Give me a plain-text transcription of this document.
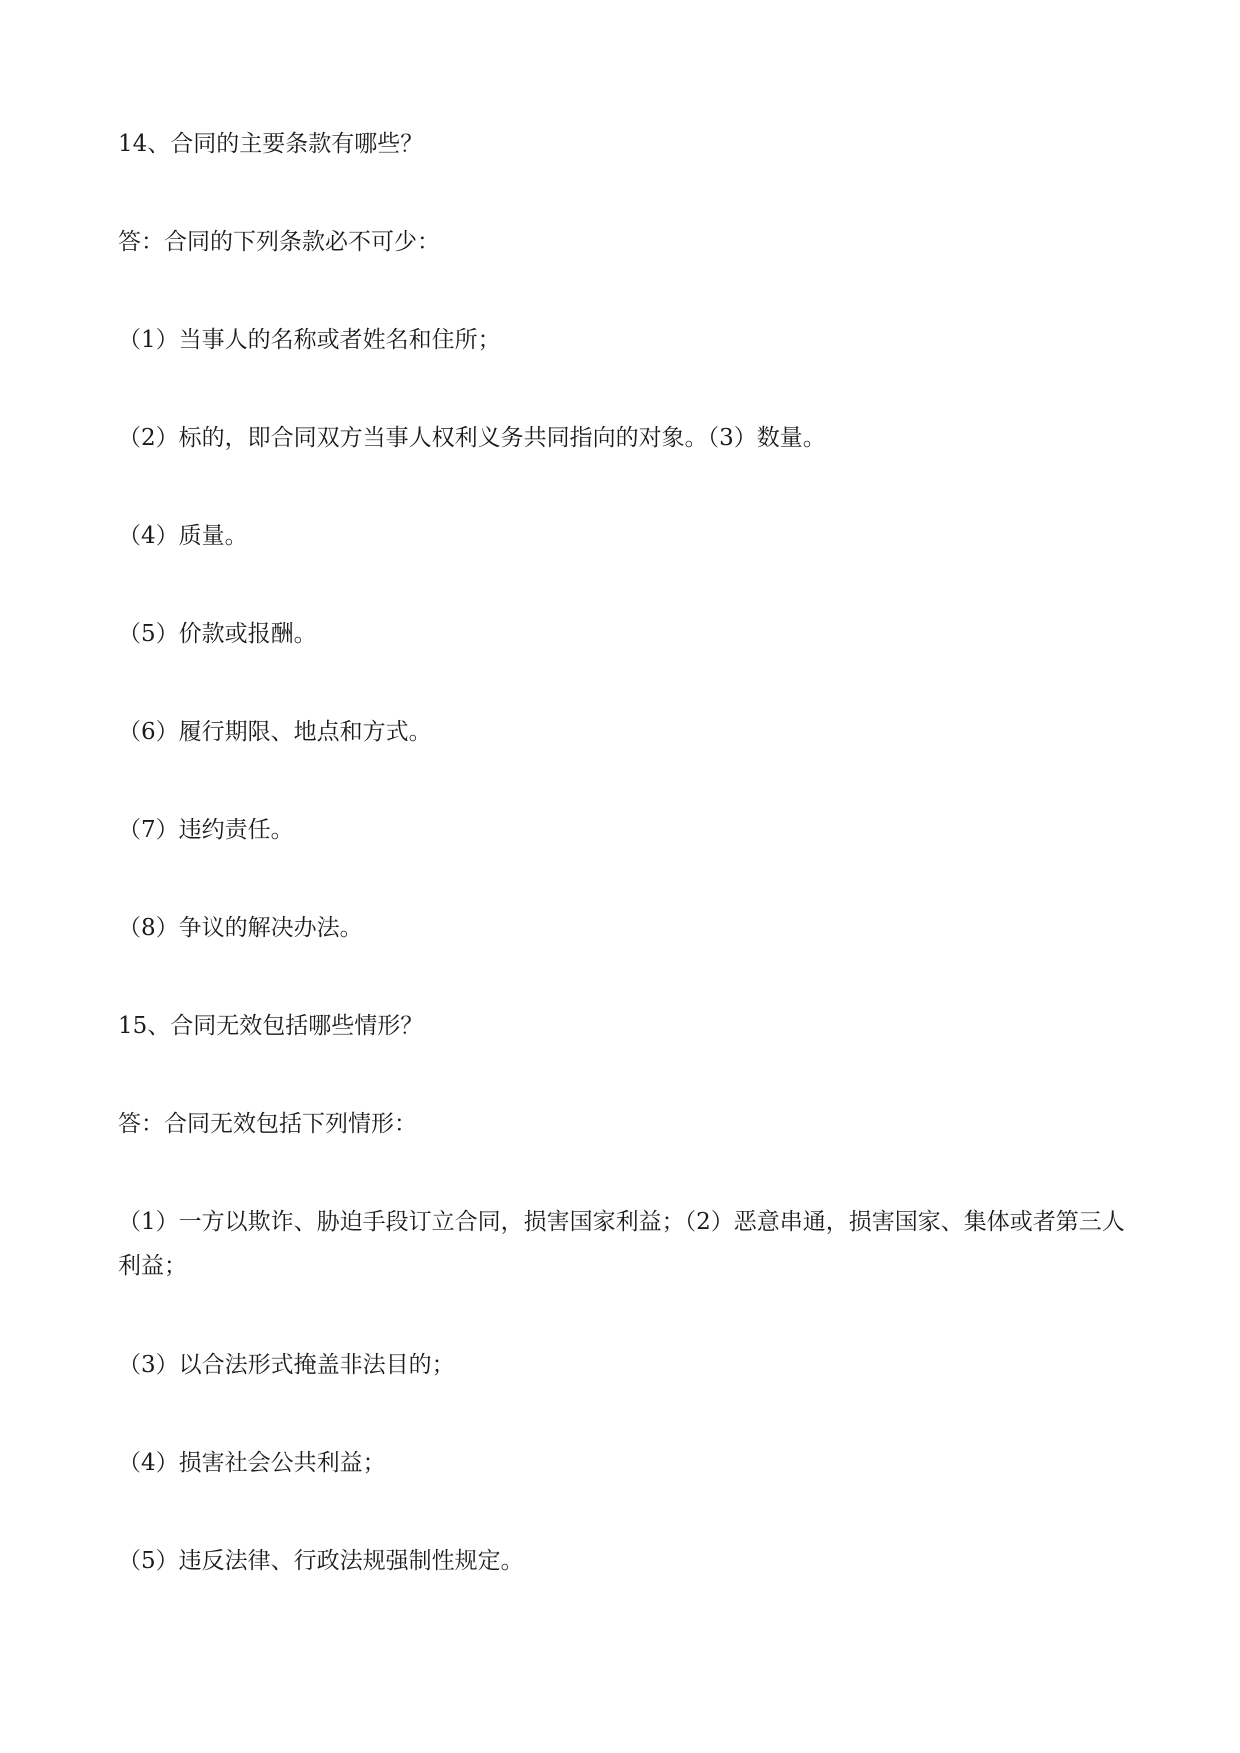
14、合同的主要条款有哪些？

答：合同的下列条款必不可少：

（1）当事人的名称或者姓名和住所；

（2）标的，即合同双方当事人权利义务共同指向的对象。（3）数量。

（4）质量。

（5）价款或报酬。

（6）履行期限、地点和方式。

（7）违约责任。

（8）争议的解决办法。

15、合同无效包括哪些情形？

答：合同无效包括下列情形：

（1）一方以欺诈、胁迫手段订立合同，损害国家利益；（2）恶意串通，损害国家、集体或者第三人利益；

（3）以合法形式掩盖非法目的；

（4）损害社会公共利益；

（5）违反法律、行政法规强制性规定。
